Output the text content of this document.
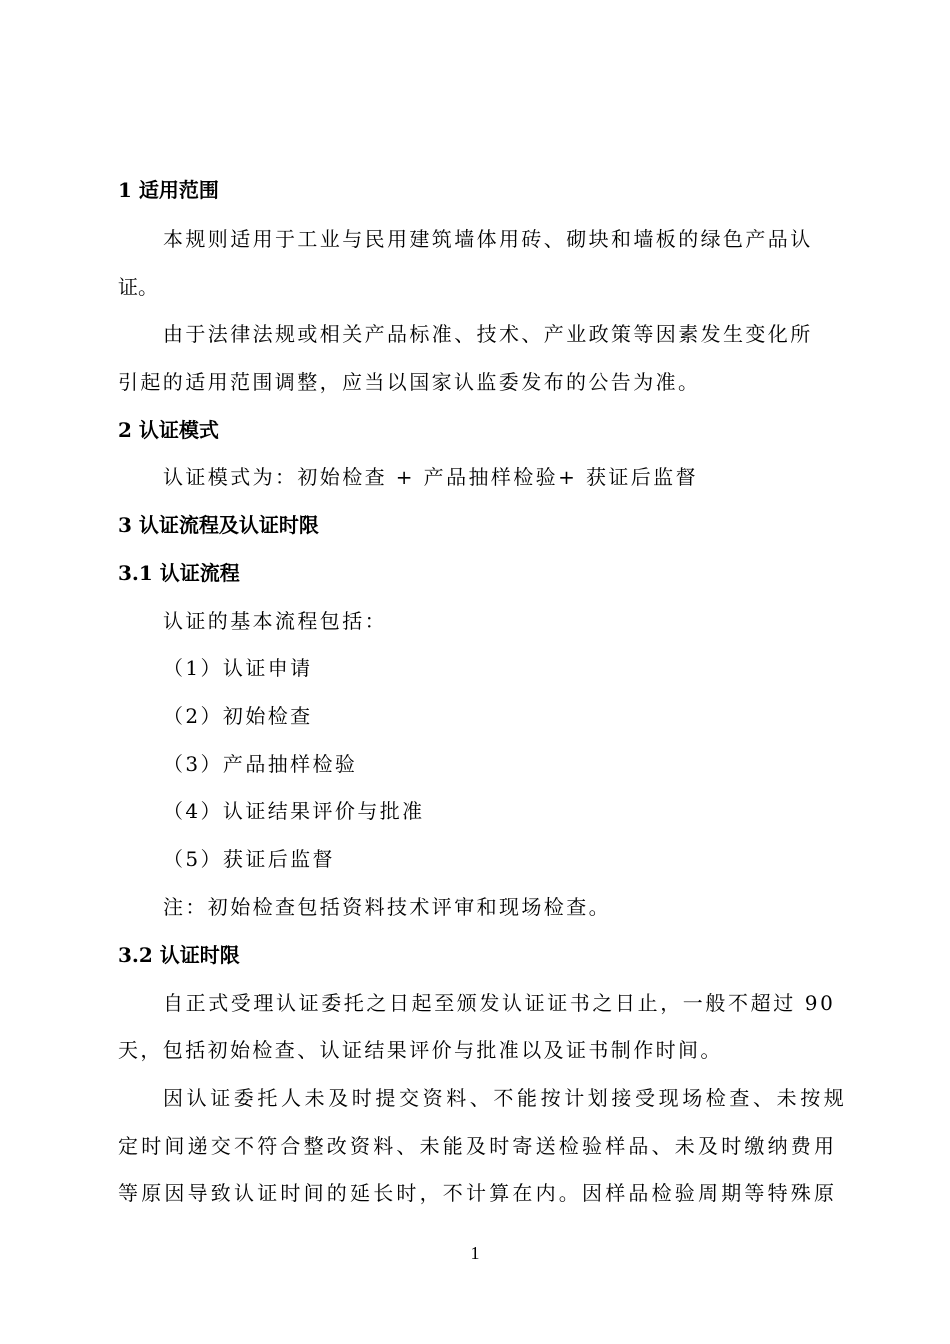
1 适用范围
本规则适用于工业与民用建筑墙体用砖、砌块和墙板的绿色产品认
证。
由于法律法规或相关产品标准、技术、产业政策等因素发生变化所
引起的适用范围调整，应当以国家认监委发布的公告为准。
2 认证模式
认证模式为：初始检查 + 产品抽样检验+ 获证后监督
3 认证流程及认证时限
3.1 认证流程
认证的基本流程包括：
（1）认证申请
（2）初始检查
（3）产品抽样检验
（4）认证结果评价与批准
（5）获证后监督
注：初始检查包括资料技术评审和现场检查。
3.2 认证时限
自正式受理认证委托之日起至颁发认证证书之日止，一般不超过 90
天，包括初始检查、认证结果评价与批准以及证书制作时间。
因认证委托人未及时提交资料、不能按计划接受现场检查、未按规
定时间递交不符合整改资料、未能及时寄送检验样品、未及时缴纳费用
等原因导致认证时间的延长时，不计算在内。因样品检验周期等特殊原
1
